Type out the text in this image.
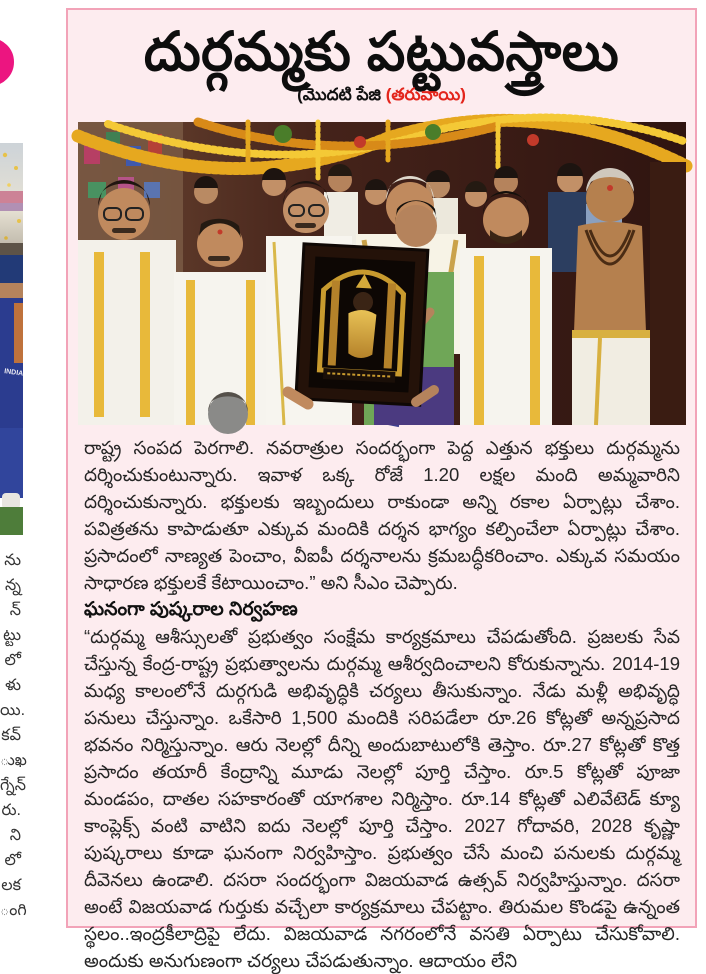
INDIA
ను
న్న
న్
ట్టు
లో
ళు
యి.
కవ్
ుఖ
గ్నేన్
రు.
ని
లో
లక
ంగి
దుర్గమ్మకు పట్టువస్త్రాలు
(మొదటి పేజి (తరువాయి)

రాష్ట్ర సంపద పెరగాలి. నవరాత్రుల సందర్భంగా పెద్ద ఎత్తున భక్తులు దుర్గమ్మను దర్శించుకుంటున్నారు. ఇవాళ ఒక్క రోజే 1.20 లక్షల మంది అమ్మవారిని దర్శించుకున్నారు. భక్తులకు ఇబ్బందులు రాకుండా అన్ని రకాల ఏర్పాట్లు చేశాం. పవిత్రతను కాపాడుతూ ఎక్కువ మందికి దర్శన భాగ్యం కల్పించేలా ఏర్పాట్లు చేశాం. ప్రసాదంలో నాణ్యత పెంచాం, వీఐపీ దర్శనాలను క్రమబద్ధీకరించాం. ఎక్కువ సమయం సాధారణ భక్తులకే కేటాయించాం.” అని సీఎం చెప్పారు.

ఘనంగా పుష్కరాల నిర్వహణ

“దుర్గమ్మ ఆశీస్సులతో ప్రభుత్వం సంక్షేమ కార్యక్రమాలు చేపడుతోంది. ప్రజలకు సేవ చేస్తున్న కేంద్ర-రాష్ట్ర ప్రభుత్వాలను దుర్గమ్మ ఆశీర్వదించాలని కోరుకున్నాను. 2014-19 మధ్య కాలంలోనే దుర్గగుడి అభివృద్ధికి చర్యలు తీసుకున్నాం. నేడు మళ్లీ అభివృద్ధి పనులు చేస్తున్నాం. ఒకేసారి 1,500 మందికి సరిపడేలా రూ.26 కోట్లతో అన్నప్రసాద భవనం నిర్మిస్తున్నాం. ఆరు నెలల్లో దీన్ని అందుబాటులోకి తెస్తాం. రూ.27 కోట్లతో కొత్త ప్రసాదం తయారీ కేంద్రాన్ని మూడు నెలల్లో పూర్తి చేస్తాం. రూ.5 కోట్లతో పూజా మండపం, దాతల సహకారంతో యాగశాల నిర్మిస్తాం. రూ.14 కోట్లతో ఎలివేటెడ్ క్యూ కాంప్లెక్స్ వంటి వాటిని ఐదు నెలల్లో పూర్తి చేస్తాం. 2027 గోదావరి, 2028 కృష్ణా పుష్కరాలు కూడా ఘనంగా నిర్వహిస్తాం. ప్రభుత్వం చేసే మంచి పనులకు దుర్గమ్మ దీవెనలు ఉండాలి. దసరా సందర్భంగా విజయవాడ ఉత్సవ్ నిర్వహిస్తున్నాం. దసరా అంటే విజయవాడ గుర్తుకు వచ్చేలా కార్యక్రమాలు చేపట్టాం. తిరుమల కొండపై ఉన్నంత స్థలం..ఇంద్రకీలాద్రిపై లేదు. విజయవాడ నగరంలోనే వసతి ఏర్పాటు చేసుకోవాలి. అందుకు అనుగుణంగా చర్యలు చేపడుతున్నాం. ఆదాయం లేని
